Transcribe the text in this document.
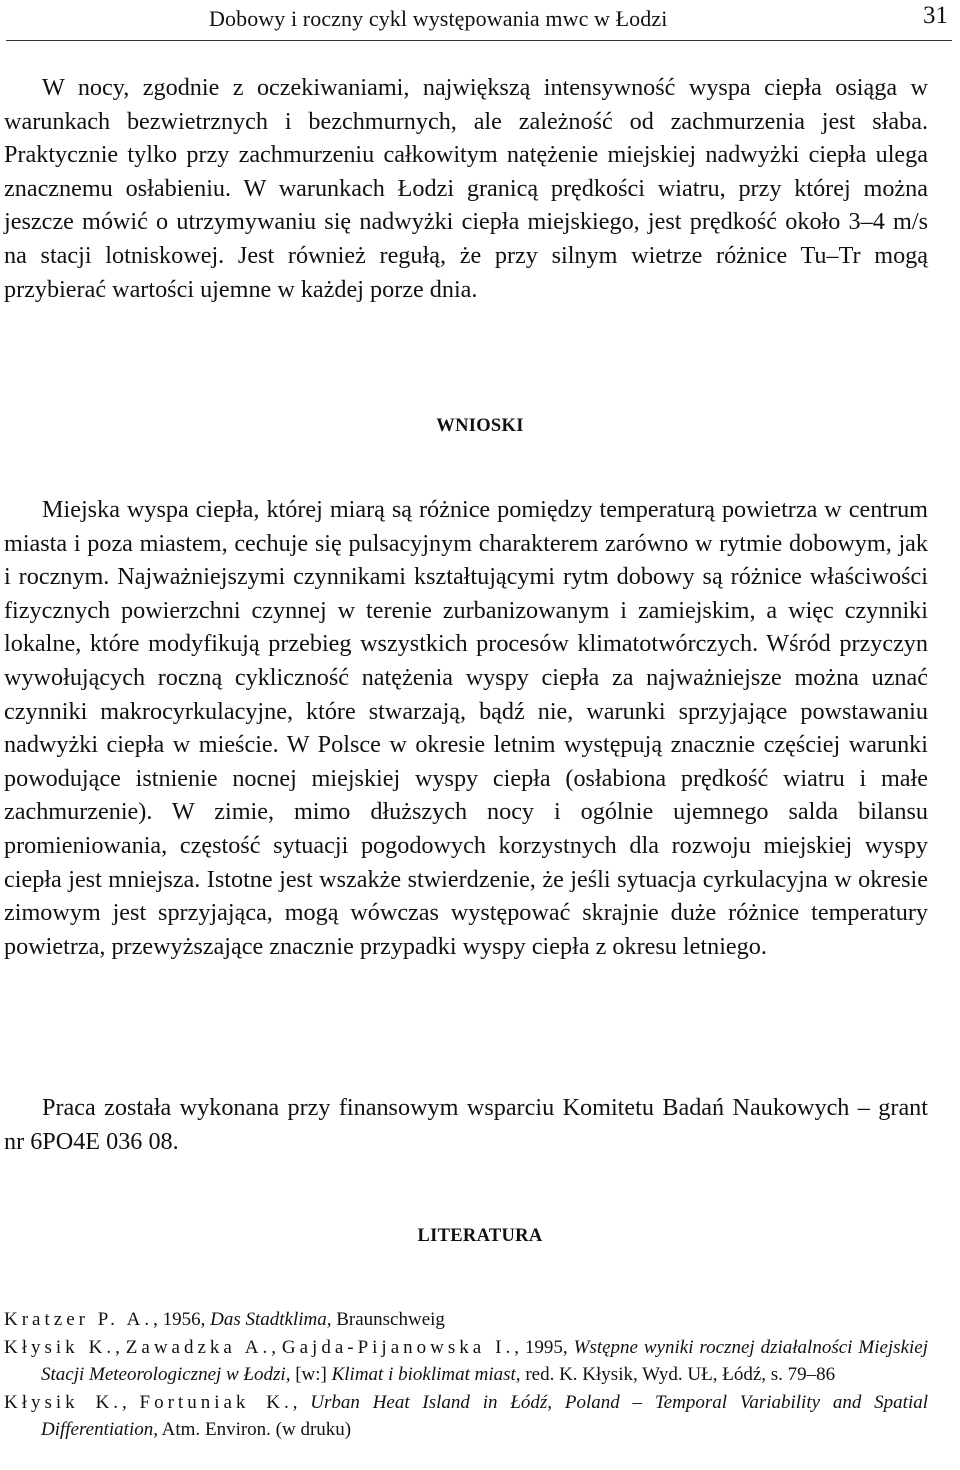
Dobowy i roczny cykl występowania mwc w Łodzi	31

W nocy, zgodnie z oczekiwaniami, największą intensywność wyspa ciepła osiąga w warunkach bezwietrznych i bezchmurnych, ale zależność od zachmurzenia jest słaba. Praktycznie tylko przy zachmurzeniu całkowitym natężenie miejskiej nadwyżki ciepła ulega znacznemu osłabieniu. W warunkach Łodzi granicą prędkości wiatru, przy której można jeszcze mówić o utrzymywaniu się nadwyżki ciepła miejskiego, jest prędkość około 3–4 m/s na stacji lotniskowej. Jest również regułą, że przy silnym wietrze różnice Tu–Tr mogą przybierać wartości ujemne w każdej porze dnia.

WNIOSKI

Miejska wyspa ciepła, której miarą są różnice pomiędzy temperaturą powietrza w centrum miasta i poza miastem, cechuje się pulsacyjnym charakterem zarówno w rytmie dobowym, jak i rocznym. Najważniejszymi czynnikami kształtującymi rytm dobowy są różnice właściwości fizycznych powierzchni czynnej w terenie zurbanizowanym i zamiejskim, a więc czynniki lokalne, które modyfikują przebieg wszystkich procesów klimatotwórczych. Wśród przyczyn wywołujących roczną cykliczność natężenia wyspy ciepła za najważniejsze można uznać czynniki makrocyrkulacyjne, które stwarzają, bądź nie, warunki sprzyjające powstawaniu nadwyżki ciepła w mieście. W Polsce w okresie letnim występują znacznie częściej warunki powodujące istnienie nocnej miejskiej wyspy ciepła (osłabiona prędkość wiatru i małe zachmurzenie). W zimie, mimo dłuższych nocy i ogólnie ujemnego salda bilansu promieniowania, częstość sytuacji pogodowych korzystnych dla rozwoju miejskiej wyspy ciepła jest mniejsza. Istotne jest wszakże stwierdzenie, że jeśli sytuacja cyrkulacyjna w okresie zimowym jest sprzyjająca, mogą wówczas występować skrajnie duże różnice temperatury powietrza, przewyższające znacznie przypadki wyspy ciepła z okresu letniego.

Praca została wykonana przy finansowym wsparciu Komitetu Badań Naukowych – grant nr 6PO4E 036 08.

LITERATURA

Kratzer P. A., 1956, Das Stadtklima, Braunschweig

Kłysik K., Zawadzka A., Gajda-Pijanowska I., 1995, Wstępne wyniki rocznej działalności Miejskiej Stacji Meteorologicznej w Łodzi, [w:] Klimat i bioklimat miast, red. K. Kłysik, Wyd. UŁ, Łódź, s. 79–86

Kłysik K., Fortuniak K., Urban Heat Island in Łódź, Poland – Temporal Variability and Spatial Differentiation, Atm. Environ. (w druku)
